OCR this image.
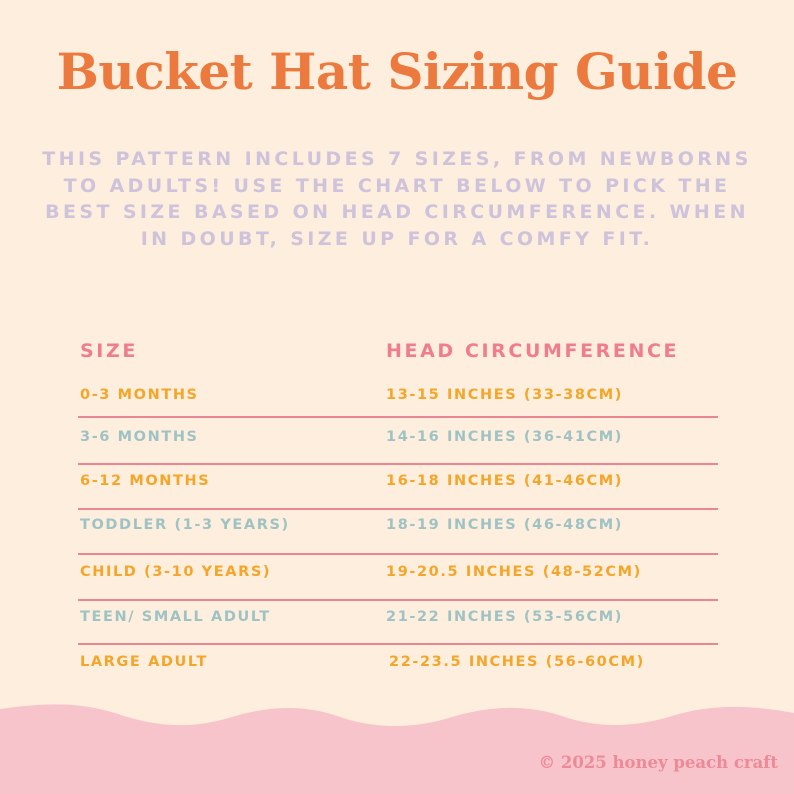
Bucket Hat Sizing Guide
THIS PATTERN INCLUDES 7 SIZES, FROM NEWBORNS TO ADULTS! USE THE CHART BELOW TO PICK THE BEST SIZE BASED ON HEAD CIRCUMFERENCE. WHEN IN DOUBT, SIZE UP FOR A COMFY FIT.
SIZE	HEAD CIRCUMFERENCE
0-3 MONTHS	13-15 INCHES (33-38CM)
3-6 MONTHS	14-16 INCHES (36-41CM)
6-12 MONTHS	16-18 INCHES (41-46CM)
TODDLER (1-3 YEARS)	18-19 INCHES (46-48CM)
CHILD (3-10 YEARS)	19-20.5 INCHES (48-52CM)
TEEN/ SMALL ADULT	21-22 INCHES (53-56CM)
LARGE ADULT	22-23.5 INCHES (56-60CM)
© 2025 honey peach craft
